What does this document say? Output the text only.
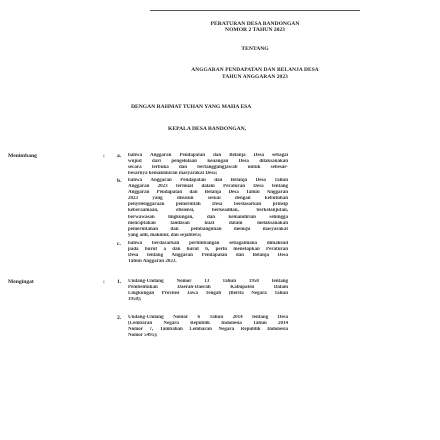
PERATURAN DESA BANDONGAN
NOMOR 2 TAHUN 2023
TENTANG
ANGGARAN PENDAPATAN DAN BELANJA DESA
TAHUN ANGGARAN 2023
DENGAN RAHMAT TUHAN YANG MAHA ESA
KEPALA DESA BANDONGAN,
Menimbang	: a. bahwa Anggaran Pendapatan dan Belanja Desa sebagai
wujud dari pengelolaan keuangan Desa dilaksanakan
secara terbuka dan bertanggungjawab untuk sebesar-
besarnya kemakmuran masyarakat Desa;
b. bahwa Anggaran Pendapatan dan Belanja Desa Tahun
Anggaran 2023 termuat dalam Peraturan Desa tentang
Anggaran Pendapatan dan Belanja Desa Tahun Anggaran
2023 yang disusun sesuai dengan kebutuhan
penyelenggaraan pemerintah Desa berdasarkan prinsip
keberaamaan, efisiensi, berkeadilan, berkelanjutan,
berwawasan lingkungan, dan kemandirian sehingga
menciptakan landasan kuat dalam melaksanakan
pemerintahan dan pembangunan menuju masyarakat
yang adil, makmur, dan sejahtera;
c. bahwa berdasarkan pertimbangan sebagaimana dimaksud
pada huruf a dan huruf b, perlu menetapkan Peraturan
Desa tentang Anggaran Pendapatan dan Belanja Desa
Tahun Anggaran 2023.
Mengingat	: 1. Undang-Undang Nomor 13 Tahun 1950 tentang
Pembentukan Daerah-Daerah Kabupaten Dalam
Lingkungan Provinsi Jawa Tengah (Berita Negara Tahun
1950);
2. Undang-Undang Nomor 6 Tahun 2014 tentang Desa
(Lembaran Negara Republik Indonesia Tahun 2014
Nomor 7, Tambahan Lembaran Negara Republik Indonesia
Nomor 5495);
